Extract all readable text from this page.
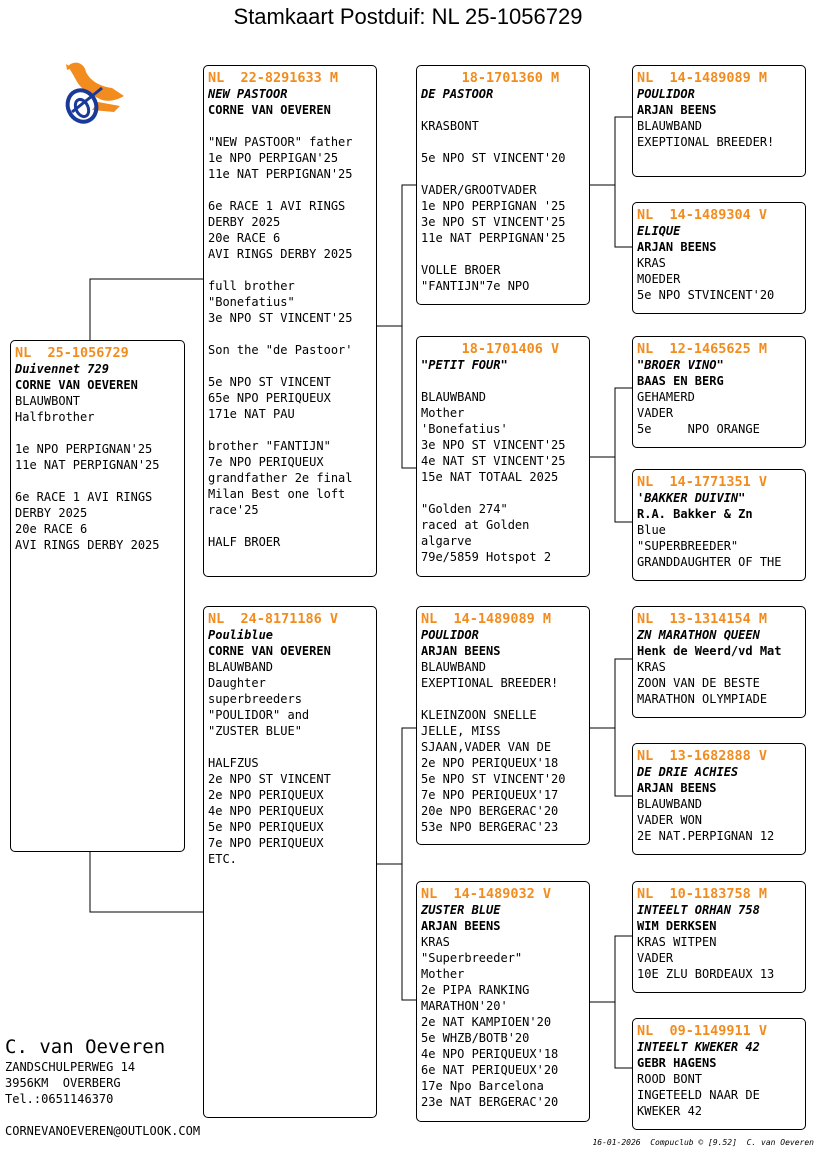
Stamkaart Postduif: NL 25-1056729
NL  25-1056729
Duivennet 729
CORNE VAN OEVEREN
BLAUWBONT
Halfbrother

1e NPO PERPIGNAN'25
11e NAT PERPIGNAN'25

6e RACE 1 AVI RINGS
DERBY 2025
20e RACE 6
AVI RINGS DERBY 2025
NL  22-8291633 M
NEW PASTOOR
CORNE VAN OEVEREN

"NEW PASTOOR" father
1e NPO PERPIGAN'25
11e NAT PERPIGNAN'25

6e RACE 1 AVI RINGS
DERBY 2025
20e RACE 6
AVI RINGS DERBY 2025

full brother
"Bonefatius"
3e NPO ST VINCENT'25

Son the "de Pastoor'

5e NPO ST VINCENT
65e NPO PERIQUEUX
171e NAT PAU

brother "FANTIJN"
7e NPO PERIQUEUX
grandfather 2e final
Milan Best one loft
race'25

HALF BROER
NL  24-8171186 V
Pouliblue
CORNE VAN OEVEREN
BLAUWBAND
Daughter
superbreeders
"POULIDOR" and
"ZUSTER BLUE"

HALFZUS
2e NPO ST VINCENT
2e NPO PERIQUEUX
4e NPO PERIQUEUX
5e NPO PERIQUEUX
7e NPO PERIQUEUX
ETC.
18-1701360 M
DE PASTOOR

KRASBONT

5e NPO ST VINCENT'20

VADER/GROOTVADER
1e NPO PERPIGNAN '25
3e NPO ST VINCENT'25
11e NAT PERPIGNAN'25

VOLLE BROER
"FANTIJN"7e NPO
18-1701406 V
"PETIT FOUR"

BLAUWBAND
Mother
'Bonefatius'
3e NPO ST VINCENT'25
4e NAT ST VINCENT'25
15e NAT TOTAAL 2025

"Golden 274"
raced at Golden
algarve
79e/5859 Hotspot 2
NL  14-1489089 M
POULIDOR
ARJAN BEENS
BLAUWBAND
EXEPTIONAL BREEDER!

KLEINZOON SNELLE
JELLE, MISS
SJAAN,VADER VAN DE
2e NPO PERIQUEUX'18
5e NPO ST VINCENT'20
7e NPO PERIQUEUX'17
20e NPO BERGERAC'20
53e NPO BERGERAC'23
NL  14-1489032 V
ZUSTER BLUE
ARJAN BEENS
KRAS
"Superbreeder"
Mother
2e PIPA RANKING
MARATHON'20'
2e NAT KAMPIOEN'20
5e WHZB/BOTB'20
4e NPO PERIQUEUX'18
6e NAT PERIQUEUX'20
17e Npo Barcelona
23e NAT BERGERAC'20
NL  14-1489089 M
POULIDOR
ARJAN BEENS
BLAUWBAND
EXEPTIONAL BREEDER!
NL  14-1489304 V
ELIQUE
ARJAN BEENS
KRAS
MOEDER
5e NPO STVINCENT'20
NL  12-1465625 M
"BROER VINO"
BAAS EN BERG
GEHAMERD
VADER
5e     NPO ORANGE
NL  14-1771351 V
'BAKKER DUIVIN"
R.A. Bakker & Zn
Blue
"SUPERBREEDER"
GRANDDAUGHTER OF THE
NL  13-1314154 M
ZN MARATHON QUEEN
Henk de Weerd/vd Mat
KRAS
ZOON VAN DE BESTE
MARATHON OLYMPIADE
NL  13-1682888 V
DE DRIE ACHIES
ARJAN BEENS
BLAUWBAND
VADER WON
2E NAT.PERPIGNAN 12
NL  10-1183758 M
INTEELT ORHAN 758
WIM DERKSEN
KRAS WITPEN
VADER
10E ZLU BORDEAUX 13
NL  09-1149911 V
INTEELT KWEKER 42
GEBR HAGENS
ROOD BONT
INGETEELD NAAR DE
KWEKER 42
C. van Oeveren
ZANDSCHULPERWEG 14
3956KM  OVERBERG
Tel.:0651146370
CORNEVANOEVEREN@OUTLOOK.COM
16-01-2026  Compuclub © [9.52]  C. van Oeveren
